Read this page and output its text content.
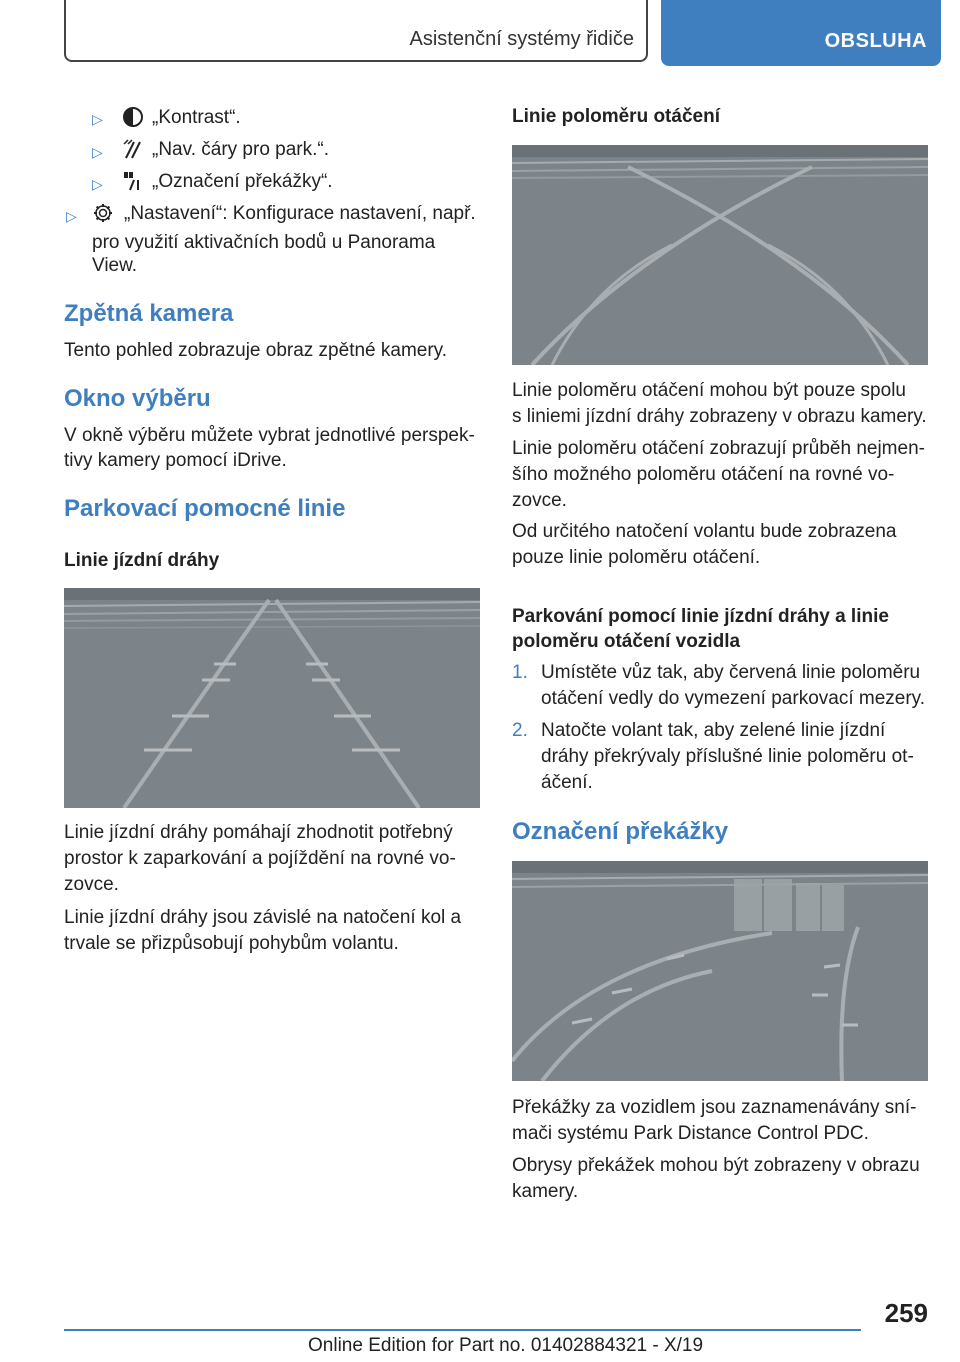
Asistenční systémy řidiče	OBSLUHA
▷	„Kontrast“.
▷	„Nav. čáry pro park.“.
▷	„Označení překážky“.
▷ „Nastavení“: Konfigurace nastavení, např.
pro využití aktivačních bodů u Panorama
View.
Zpětná kamera
Tento pohled zobrazuje obraz zpětné kamery.
Okno výběru
V okně výběru můžete vybrat jednotlivé perspek-
tivy kamery pomocí iDrive.
Parkovací pomocné linie
Linie jízdní dráhy
Linie jízdní dráhy pomáhají zhodnotit potřebný
prostor k zaparkování a pojíždění na rovné vo-
zovce.
Linie jízdní dráhy jsou závislé na natočení kol a
trvale se přizpůsobují pohybům volantu.
Linie poloměru otáčení
Linie poloměru otáčení mohou být pouze spolu
s liniemi jízdní dráhy zobrazeny v obrazu kamery.
Linie poloměru otáčení zobrazují průběh nejmen-
šího možného poloměru otáčení na rovné vo-
zovce.
Od určitého natočení volantu bude zobrazena
pouze linie poloměru otáčení.
Parkování pomocí linie jízdní dráhy a linie
poloměru otáčení vozidla
1. Umístěte vůz tak, aby červená linie poloměru
otáčení vedly do vymezení parkovací mezery.
2. Natočte volant tak, aby zelené linie jízdní
dráhy překrývaly příslušné linie poloměru ot-
áčení.
Označení překážky
Překážky za vozidlem jsou zaznamenávány sní-
mači systému Park Distance Control PDC.
Obrysy překážek mohou být zobrazeny v obrazu
kamery.
259
Online Edition for Part no. 01402884321 - X/19
